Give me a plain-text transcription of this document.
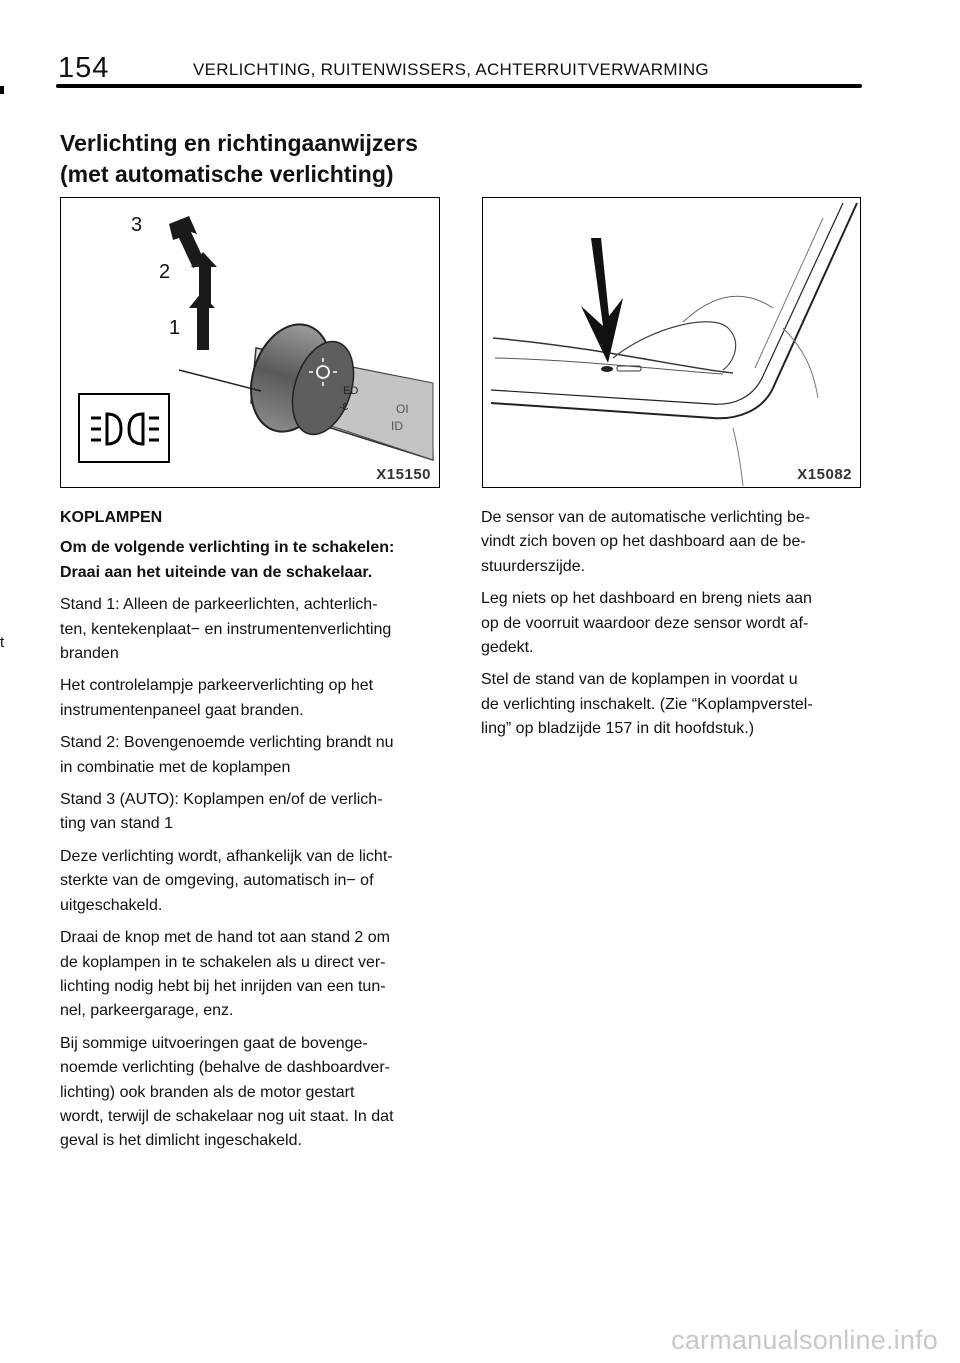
t
154	VERLICHTING, RUITENWISSERS, ACHTERRUITVERWARMING
Verlichting en richtingaanwijzers
(met automatische verlichting)
ED
-Ɛ	OI
ID
3
2
1
X15150	X15082

KOPLAMPEN

Om de volgende verlichting in te schakelen:
Draai aan het uiteinde van de schakelaar.

Stand 1: Alleen de parkeerlichten, achterlich-
ten, kentekenplaat− en instrumentenverlichting
branden

Het controlelampje parkeerverlichting op het
instrumentenpaneel gaat branden.

Stand 2: Bovengenoemde verlichting brandt nu
in combinatie met de koplampen

Stand 3 (AUTO): Koplampen en/of de verlich-
ting van stand 1

Deze verlichting wordt, afhankelijk van de licht-
sterkte van de omgeving, automatisch in− of
uitgeschakeld.

Draai de knop met de hand tot aan stand 2 om
de koplampen in te schakelen als u direct ver-
lichting nodig hebt bij het inrijden van een tun-
nel, parkeergarage, enz.

Bij sommige uitvoeringen gaat de bovenge-
noemde verlichting (behalve de dashboardver-
lichting) ook branden als de motor gestart
wordt, terwijl de schakelaar nog uit staat. In dat
geval is het dimlicht ingeschakeld.

De sensor van de automatische verlichting be-
vindt zich boven op het dashboard aan de be-
stuurderszijde.

Leg niets op het dashboard en breng niets aan
op de voorruit waardoor deze sensor wordt af-
gedekt.

Stel de stand van de koplampen in voordat u
de verlichting inschakelt. (Zie “Koplampverstel-
ling” op bladzijde 157 in dit hoofdstuk.)

carmanualsonline.info
